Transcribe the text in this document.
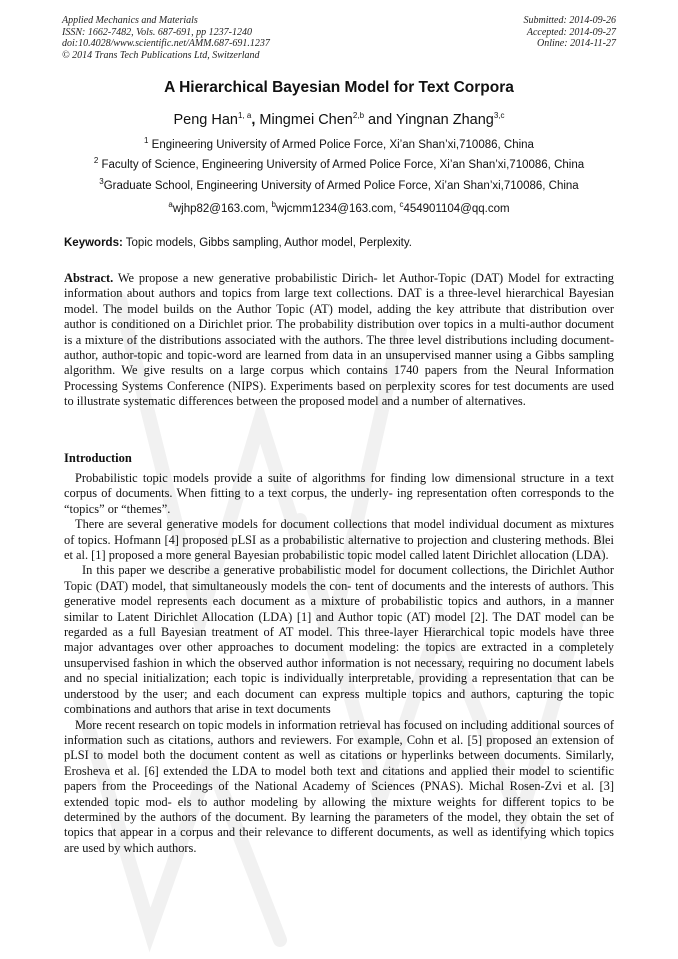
Applied Mechanics and Materials
ISSN: 1662-7482, Vols. 687-691, pp 1237-1240
doi:10.4028/www.scientific.net/AMM.687-691.1237
© 2014 Trans Tech Publications Ltd, Switzerland
Submitted: 2014-09-26
Accepted: 2014-09-27
Online: 2014-11-27
A Hierarchical Bayesian Model for Text Corpora
Peng Han$^{1, a}$, Mingmei Chen$^{2,b}$ and Yingnan Zhang$^{3,c}$
$^1$ Engineering University of Armed Police Force, Xi’an Shan’xi,710086, China
$^2$ Faculty of Science, Engineering University of Armed Police Force, Xi’an Shan’xi,710086, China
$^3$Graduate School, Engineering University of Armed Police Force, Xi’an Shan’xi,710086, China
$^a$wjhp82@163.com, $^b$wjcmm1234@163.com, $^c$454901104@qq.com
Keywords: Topic models, Gibbs sampling, Author model, Perplexity.
Abstract. We propose a new generative probabilistic Dirich- let Author-Topic (DAT) Model for extracting information about authors and topics from large text collections. DAT is a three-level hierarchical Bayesian model. The model builds on the Author Topic (AT) model, adding the key attribute that distribution over author is conditioned on a Dirichlet prior. The probability distribution over topics in a multi-author document is a mixture of the distributions associated with the authors. The three level distributions including document-author, author-topic and topic-word are learned from data in an unsupervised manner using a Gibbs sampling algorithm. We give results on a large corpus which contains 1740 papers from the Neural Information Processing Systems Conference (NIPS). Experiments based on perplexity scores for test documents are used to illustrate systematic differences between the proposed model and a number of alternatives.
Introduction

Probabilistic topic models provide a suite of algorithms for finding low dimensional structure in a text corpus of documents. When fitting to a text corpus, the underly- ing representation often corresponds to the “topics” or “themes”.

There are several generative models for document collections that model individual document as mixtures of topics. Hofmann [4] proposed pLSI as a probabilistic alternative to projection and clustering methods. Blei et al. [1] proposed a more general Bayesian probabilistic topic model called latent Dirichlet allocation (LDA).

In this paper we describe a generative probabilistic model for document collections, the Dirichlet Author Topic (DAT) model, that simultaneously models the con- tent of documents and the interests of authors. This generative model represents each document as a mixture of probabilistic topics and authors, in a manner similar to Latent Dirichlet Allocation (LDA) [1] and Author topic (AT) model [2]. The DAT model can be regarded as a full Bayesian treatment of AT model. This three-layer Hierarchical topic models have three major advantages over other approaches to document modeling: the topics are extracted in a completely unsupervised fashion in which the observed author information is not necessary, requiring no document labels and no special initialization; each topic is individually interpretable, providing a representation that can be understood by the user; and each document can express multiple topics and authors, capturing the topic combinations and authors that arise in text documents

More recent research on topic models in information retrieval has focused on including additional sources of information such as citations, authors and reviewers. For example, Cohn et al. [5] proposed an extension of pLSI to model both the document content as well as citations or hyperlinks between documents. Similarly, Erosheva et al. [6] extended the LDA to model both text and citations and applied their model to scientific papers from the Proceedings of the National Academy of Sciences (PNAS). Michal Rosen-Zvi et al. [3] extended topic mod- els to author modeling by allowing the mixture weights for different topics to be determined by the authors of the document. By learning the parameters of the model, they obtain the set of topics that appear in a corpus and their relevance to different documents, as well as identifying which topics are used by which authors.
